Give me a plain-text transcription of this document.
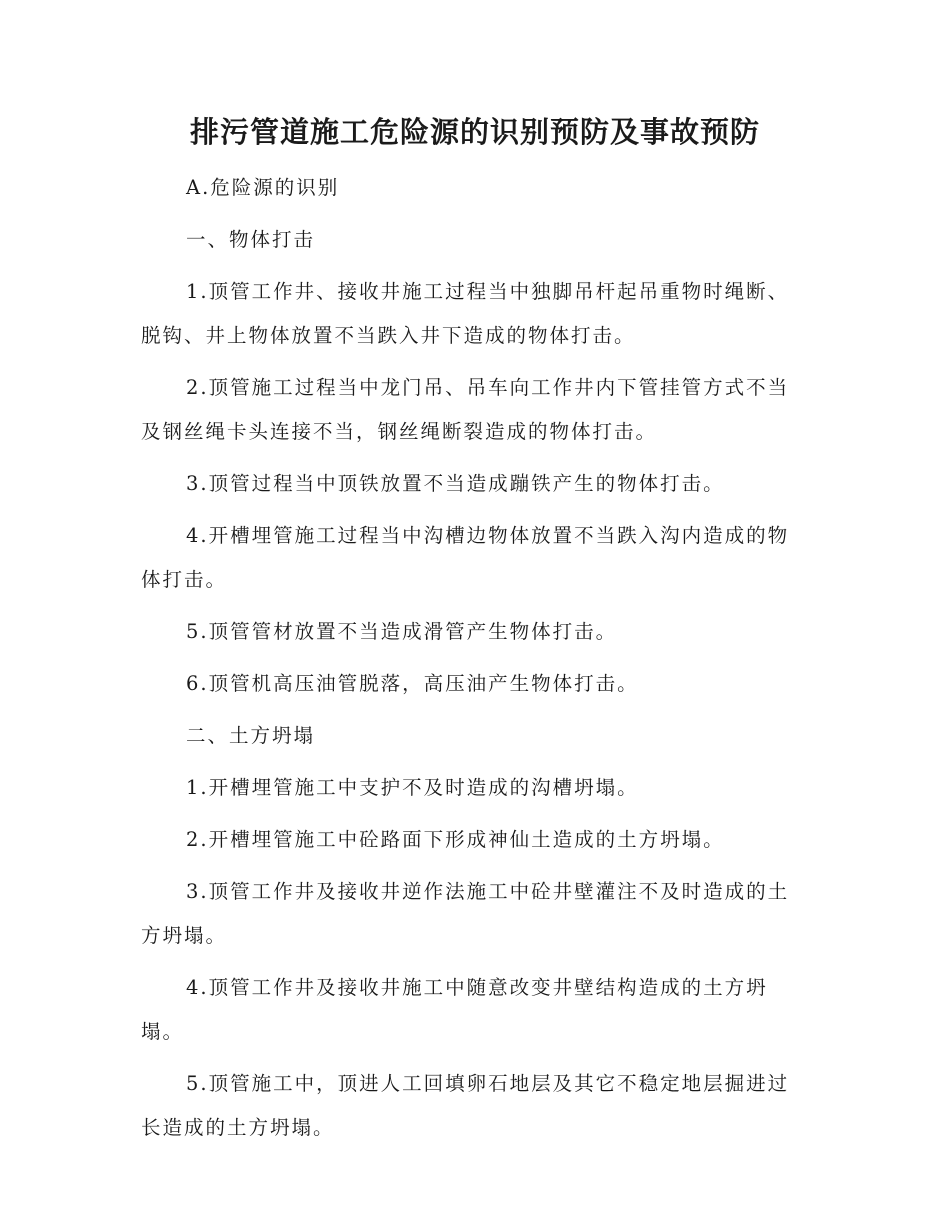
排污管道施工危险源的识别预防及事故预防

A.危险源的识别

一、物体打击

1.顶管工作井、接收井施工过程当中独脚吊杆起吊重物时绳断、脱钩、井上物体放置不当跌入井下造成的物体打击。

2.顶管施工过程当中龙门吊、吊车向工作井内下管挂管方式不当及钢丝绳卡头连接不当，钢丝绳断裂造成的物体打击。

3.顶管过程当中顶铁放置不当造成蹦铁产生的物体打击。

4.开槽埋管施工过程当中沟槽边物体放置不当跌入沟内造成的物体打击。

5.顶管管材放置不当造成滑管产生物体打击。

6.顶管机高压油管脱落，高压油产生物体打击。

二、土方坍塌

1.开槽埋管施工中支护不及时造成的沟槽坍塌。

2.开槽埋管施工中砼路面下形成神仙土造成的土方坍塌。

3.顶管工作井及接收井逆作法施工中砼井壁灌注不及时造成的土方坍塌。

4.顶管工作井及接收井施工中随意改变井壁结构造成的土方坍塌。

5.顶管施工中，顶进人工回填卵石地层及其它不稳定地层掘进过长造成的土方坍塌。
